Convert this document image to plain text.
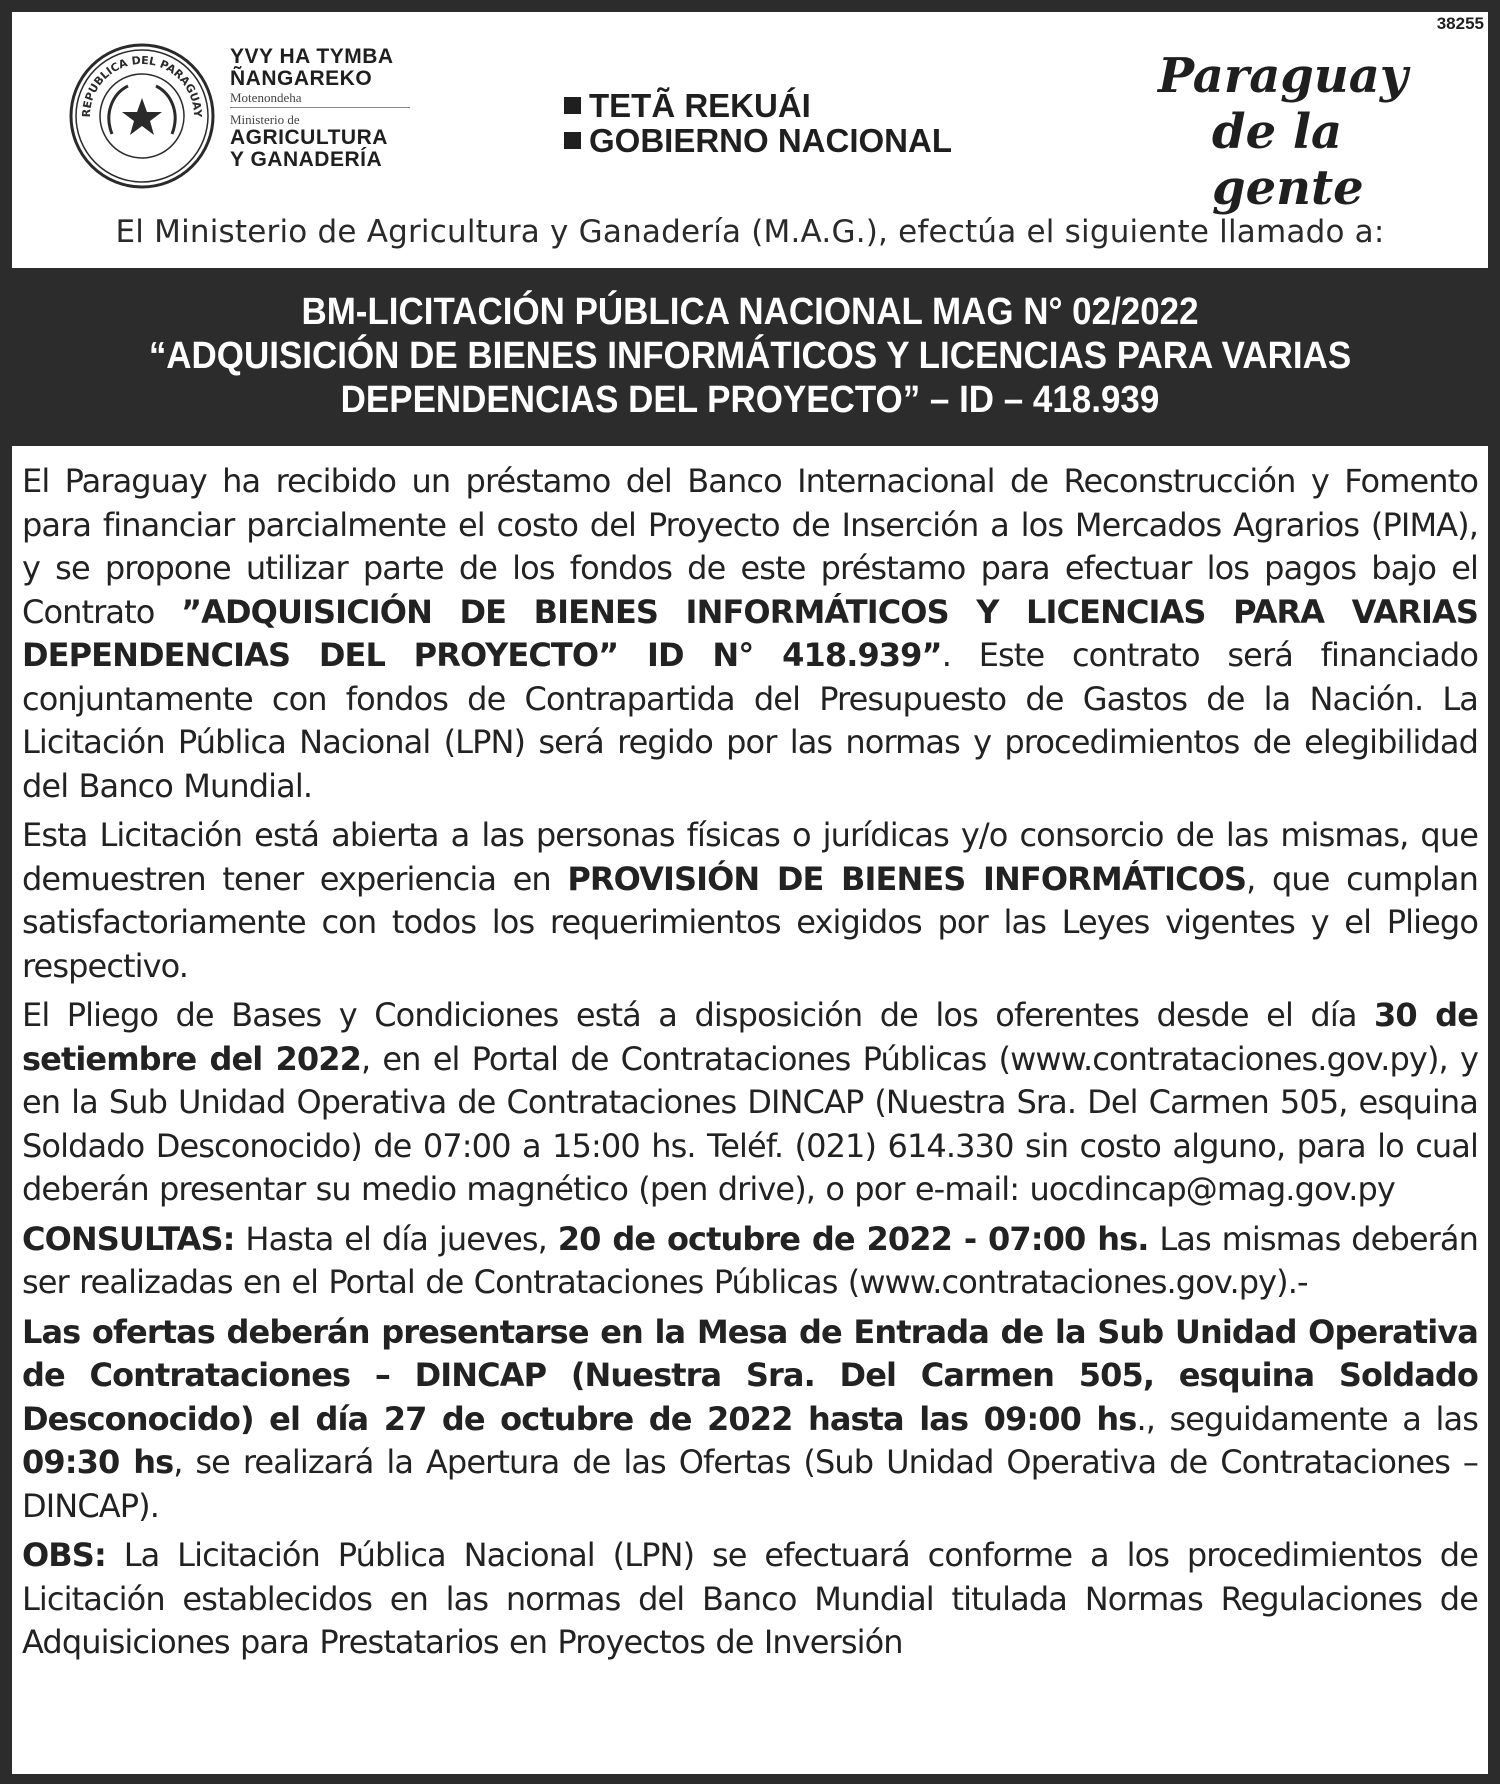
38255
REPUBLICA DEL PARAGUAY
YVY HA TYMBA
ÑANGAREKO
Motenondeha
Ministerio de
AGRICULTURA
Y GANADERÍA
TETÃ REKUÁI
GOBIERNO NACIONAL
Paraguay
de la gente
El Ministerio de Agricultura y Ganadería (M.A.G.), efectúa el siguiente llamado a:
BM-LICITACIÓN PÚBLICA NACIONAL MAG N° 02/2022
“ADQUISICIÓN DE BIENES INFORMÁTICOS Y LICENCIAS PARA VARIAS
DEPENDENCIAS DEL PROYECTO” – ID – 418.939

El Paraguay ha recibido un préstamo del Banco Internacional de Reconstrucción y Fomento para financiar parcialmente el costo del Proyecto de Inserción a los Mercados Agrarios (PIMA), y se propone utilizar parte de los fondos de este préstamo para efectuar los pagos bajo el Contrato ”ADQUISICIÓN DE BIENES INFORMÁTICOS Y LICENCIAS PARA VARIAS DEPENDENCIAS DEL PROYECTO” ID N° 418.939”. Este contrato será financiado conjuntamente con fondos de Contrapartida del Presupuesto de Gastos de la Nación. La Licitación Pública Nacional (LPN) será regido por las normas y procedimientos de elegibilidad del Banco Mundial.

Esta Licitación está abierta a las personas físicas o jurídicas y/o consorcio de las mismas, que demuestren tener experiencia en PROVISIÓN DE BIENES INFORMÁTICOS, que cumplan satisfactoriamente con todos los requerimientos exigidos por las Leyes vigentes y el Pliego respectivo.

El Pliego de Bases y Condiciones está a disposición de los oferentes desde el día 30 de setiembre del 2022, en el Portal de Contrataciones Públicas (www.contrataciones.gov.py), y en la Sub Unidad Operativa de Contrataciones DINCAP (Nuestra Sra. Del Carmen 505, esquina Soldado Desconocido) de 07:00 a 15:00 hs. Teléf. (021) 614.330 sin costo alguno, para lo cual deberán presentar su medio magnético (pen drive), o por e-mail: uocdincap@mag.gov.py

CONSULTAS: Hasta el día jueves, 20 de octubre de 2022 - 07:00 hs. Las mismas deberán ser realizadas en el Portal de Contrataciones Públicas (www.contrataciones.gov.py).-

Las ofertas deberán presentarse en la Mesa de Entrada de la Sub Unidad Operativa de Contrataciones – DINCAP (Nuestra Sra. Del Carmen 505, esquina Soldado Desconocido) el día 27 de octubre de 2022 hasta las 09:00 hs., seguidamente a las 09:30 hs, se realizará la Apertura de las Ofertas (Sub Unidad Operativa de Contrataciones – DINCAP).

OBS: La Licitación Pública Nacional (LPN) se efectuará conforme a los procedimientos de Licitación establecidos en las normas del Banco Mundial titulada Normas Regulaciones de Adquisiciones para Prestatarios en Proyectos de Inversión
